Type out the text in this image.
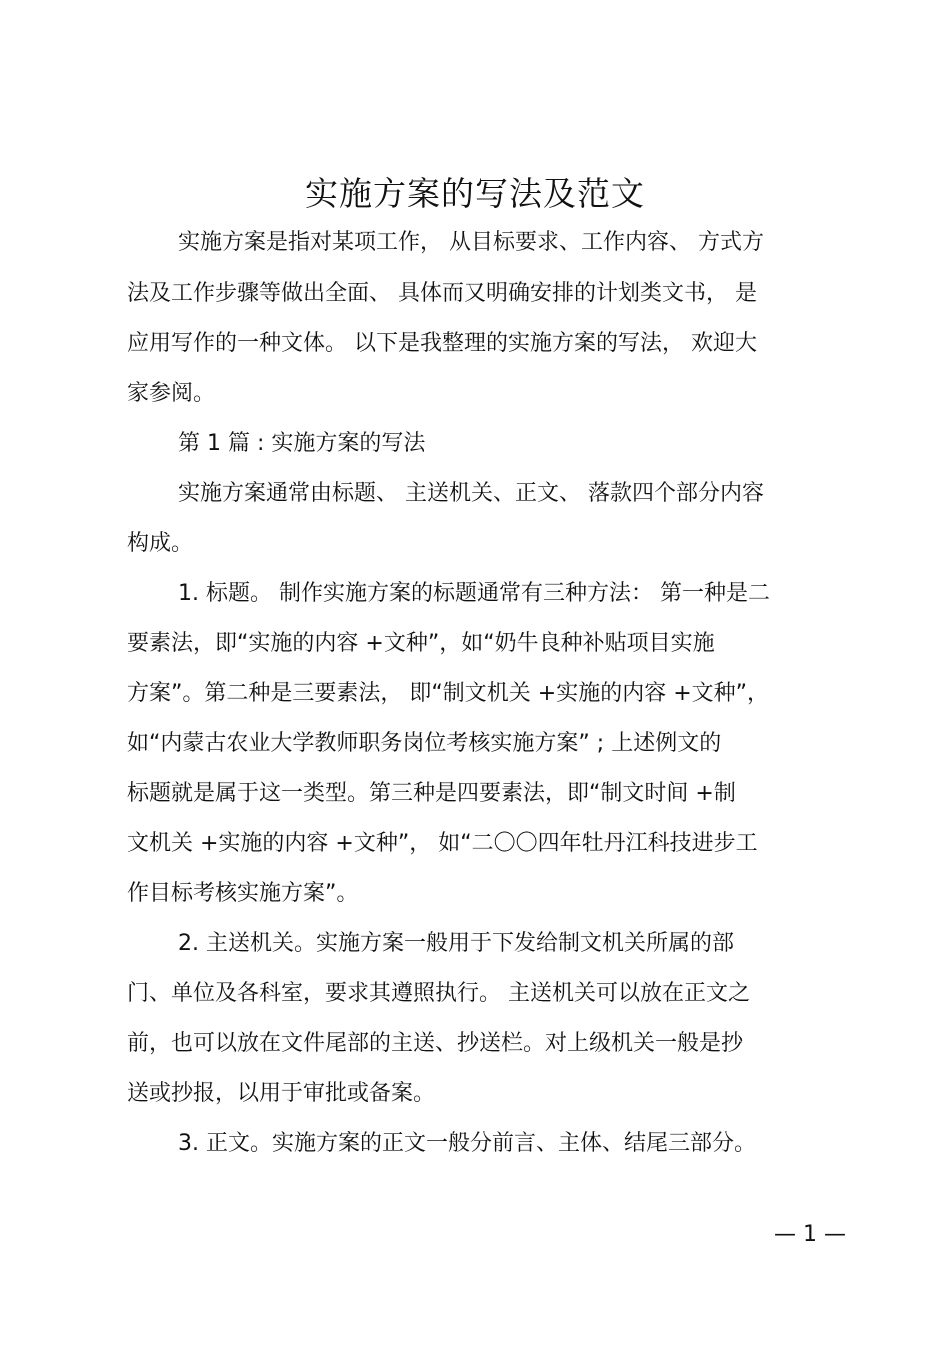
实施方案的写法及范文
实施方案是指对某项工作， 从目标要求、工作内容、 方式方
法及工作步骤等做出全面、 具体而又明确安排的计划类文书， 是
应用写作的一种文体。 以下是我整理的实施方案的写法， 欢迎大
家参阅。
第 1 篇 : 实施方案的写法
实施方案通常由标题、 主送机关、正文、 落款四个部分内容
构成。
1. 标题。 制作实施方案的标题通常有三种方法： 第一种是二
要素法，即“实施的内容 +文种”，如“奶牛良种补贴项目实施
方案”。第二种是三要素法， 即“制文机关 +实施的内容 +文种”，
如“内蒙古农业大学教师职务岗位考核实施方案” ; 上述例文的
标题就是属于这一类型。第三种是四要素法，即“制文时间 +制
文机关 +实施的内容 +文种”， 如“二〇〇四年牡丹江科技进步工
作目标考核实施方案”。
2. 主送机关。实施方案一般用于下发给制文机关所属的部
门、单位及各科室，要求其遵照执行。 主送机关可以放在正文之
前，也可以放在文件尾部的主送、抄送栏。对上级机关一般是抄
送或抄报，以用于审批或备案。
3. 正文。实施方案的正文一般分前言、主体、结尾三部分。
— 1 —
